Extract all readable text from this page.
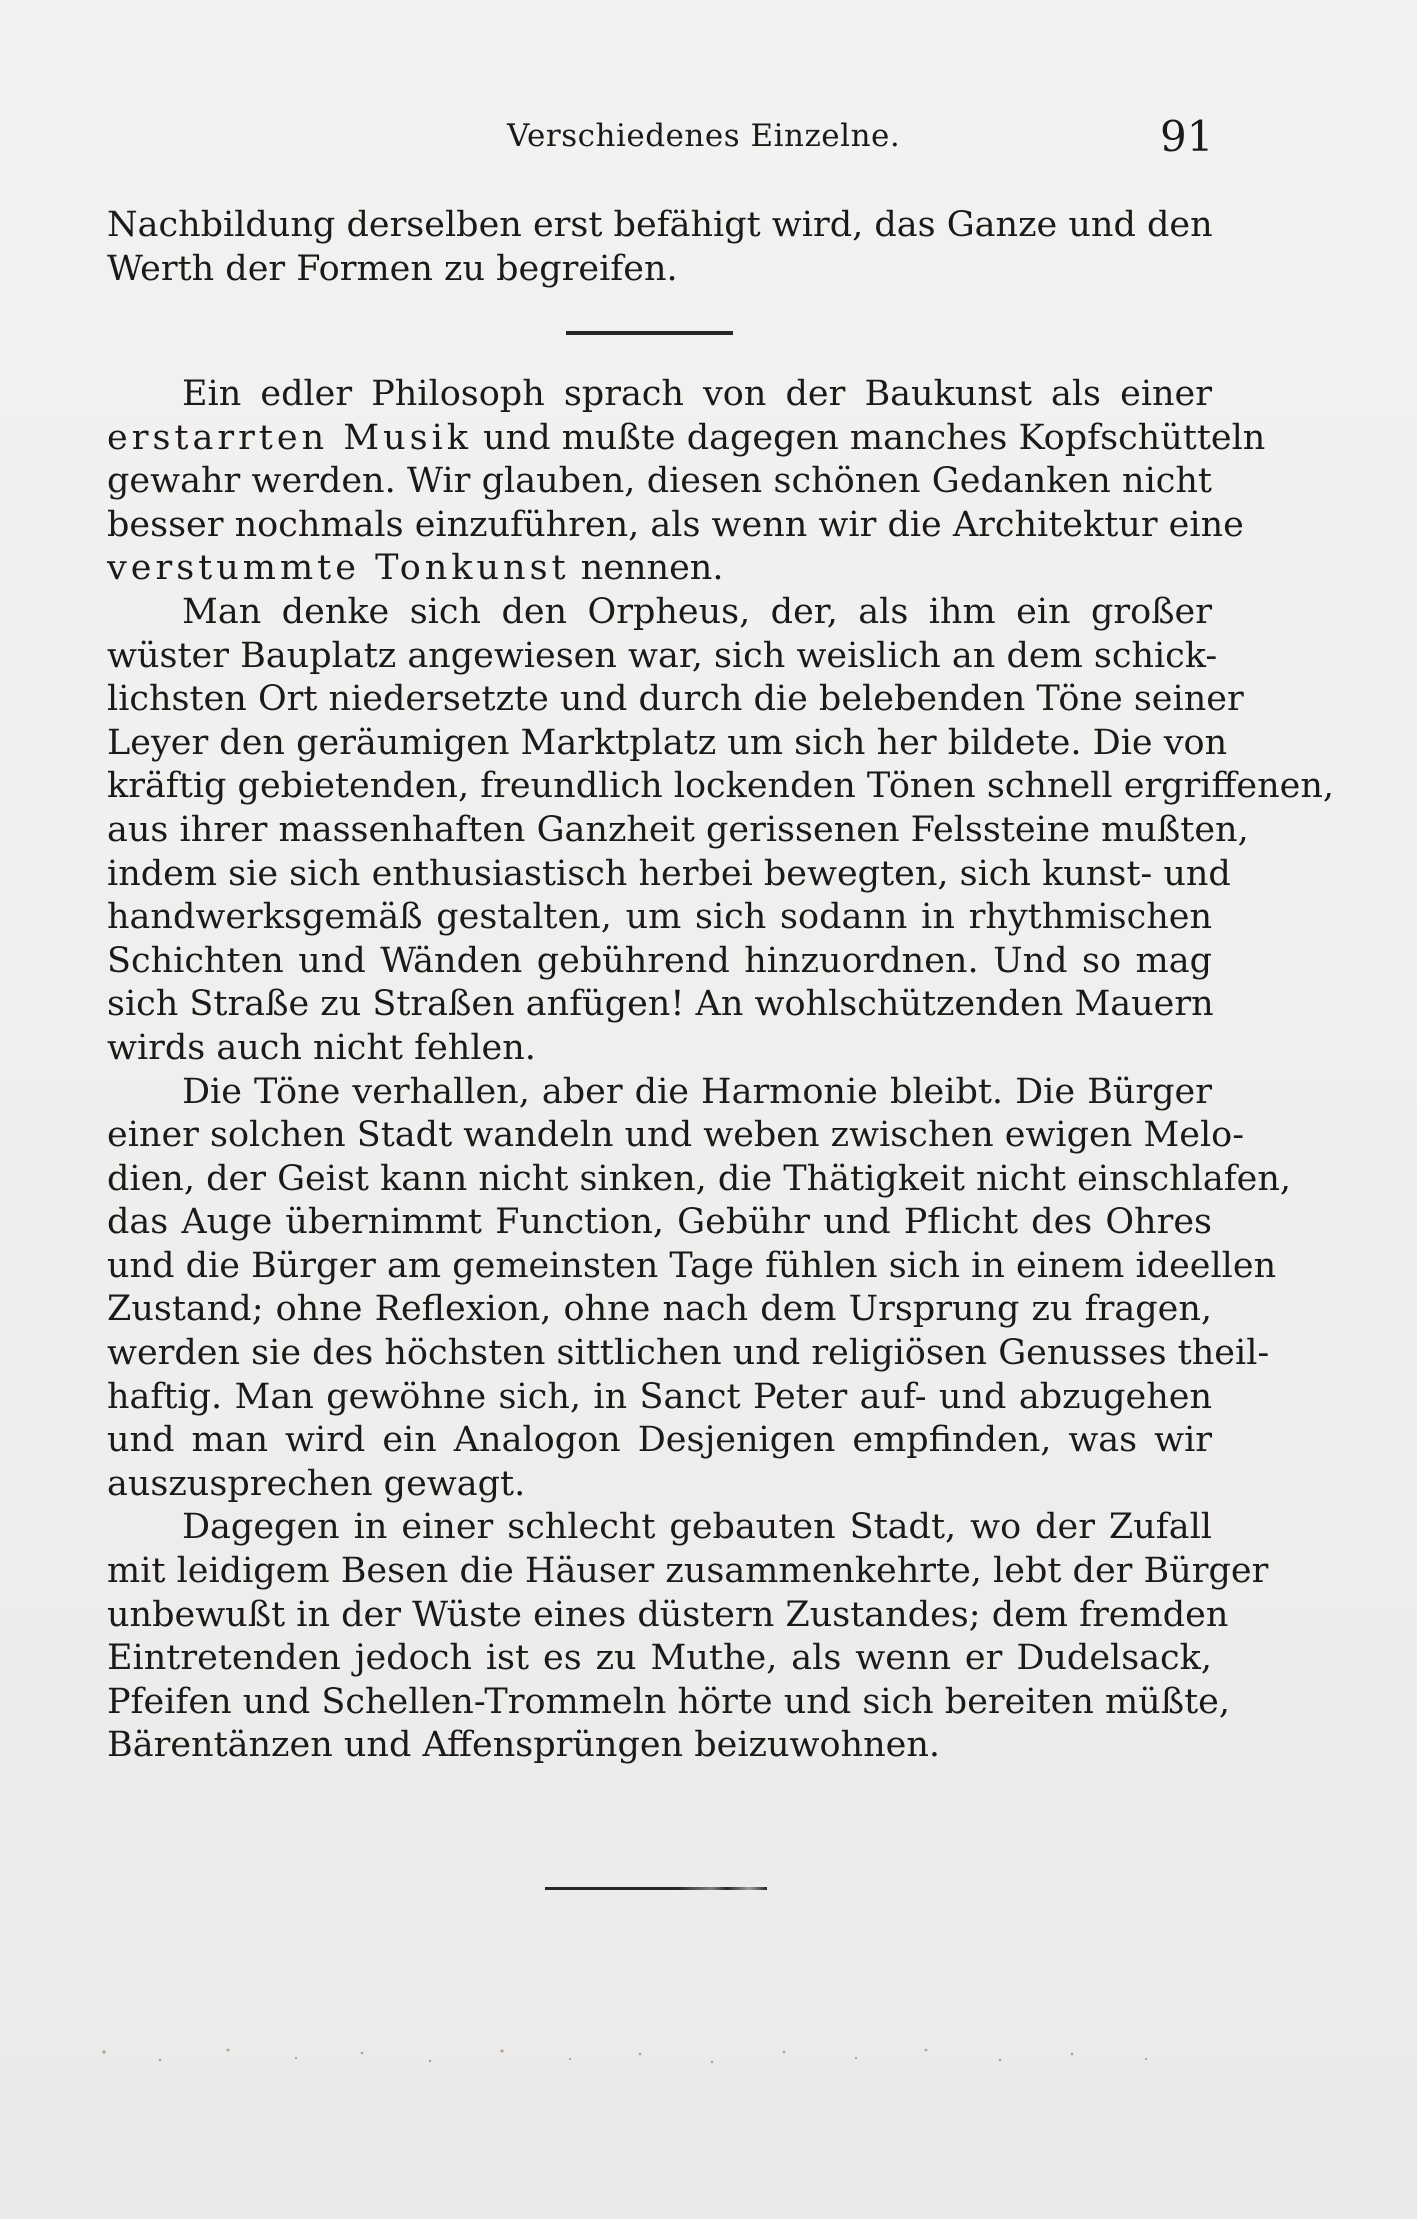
Verschiedenes Einzelne.	91
Nachbildung derselben erst befähigt wird, das Ganze und den
Werth der Formen zu begreifen.
Ein edler Philosoph sprach von der Baukunst als einer
erstarrten Musik und mußte dagegen manches Kopfschütteln
gewahr werden. Wir glauben, diesen schönen Gedanken nicht
besser nochmals einzuführen, als wenn wir die Architektur eine
verstummte Tonkunst nennen.
Man denke sich den Orpheus, der, als ihm ein großer
wüster Bauplatz angewiesen war, sich weislich an dem schick-
lichsten Ort niedersetzte und durch die belebenden Töne seiner
Leyer den geräumigen Marktplatz um sich her bildete. Die von
kräftig gebietenden, freundlich lockenden Tönen schnell ergriffenen,
aus ihrer massenhaften Ganzheit gerissenen Felssteine mußten,
indem sie sich enthusiastisch herbei bewegten, sich kunst- und
handwerksgemäß gestalten, um sich sodann in rhythmischen
Schichten und Wänden gebührend hinzuordnen. Und so mag
sich Straße zu Straßen anfügen! An wohlschützenden Mauern
wirds auch nicht fehlen.
Die Töne verhallen, aber die Harmonie bleibt. Die Bürger
einer solchen Stadt wandeln und weben zwischen ewigen Melo-
dien, der Geist kann nicht sinken, die Thätigkeit nicht einschlafen,
das Auge übernimmt Function, Gebühr und Pflicht des Ohres
und die Bürger am gemeinsten Tage fühlen sich in einem ideellen
Zustand; ohne Reflexion, ohne nach dem Ursprung zu fragen,
werden sie des höchsten sittlichen und religiösen Genusses theil-
haftig. Man gewöhne sich, in Sanct Peter auf- und abzugehen
und man wird ein Analogon Desjenigen empfinden, was wir
auszusprechen gewagt.
Dagegen in einer schlecht gebauten Stadt, wo der Zufall
mit leidigem Besen die Häuser zusammenkehrte, lebt der Bürger
unbewußt in der Wüste eines düstern Zustandes; dem fremden
Eintretenden jedoch ist es zu Muthe, als wenn er Dudelsack,
Pfeifen und Schellen-Trommeln hörte und sich bereiten müßte,
Bärentänzen und Affensprüngen beizuwohnen.
